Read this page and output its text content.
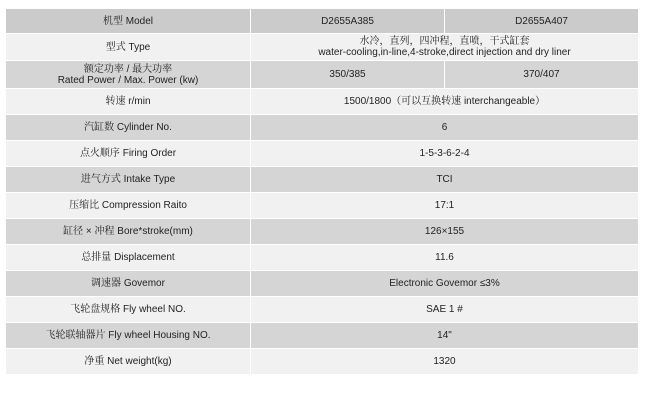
机型 Model	D2655A385	D2655A407
型式 Type	水冷，直列，四冲程，直喷，干式缸套
water-cooling,in-line,4-stroke,direct injection and dry liner	

额定功率 / 最大功率
Rated Power / Max. Power (kw)	350/385	370/407
转速 r/min	1500/1800（可以互换转速 interchangeable）	
汽缸数 Cylinder No.	6	
点火顺序 Firing Order	1-5-3-6-2-4	
进气方式 Intake Type	TCI	
压缩比 Compression Raito	17:1	
缸径 × 冲程 Bore*stroke(mm)	126×155	
总排量 Displacement	11.6	
调速器 Govemor	Electronic Govemor ≤3%	
飞轮盘规格 Fly wheel NO.	SAE 1 #	
飞轮联轴器片 Fly wheel Housing NO.	14"	
净重 Net weight(kg)	1320	
